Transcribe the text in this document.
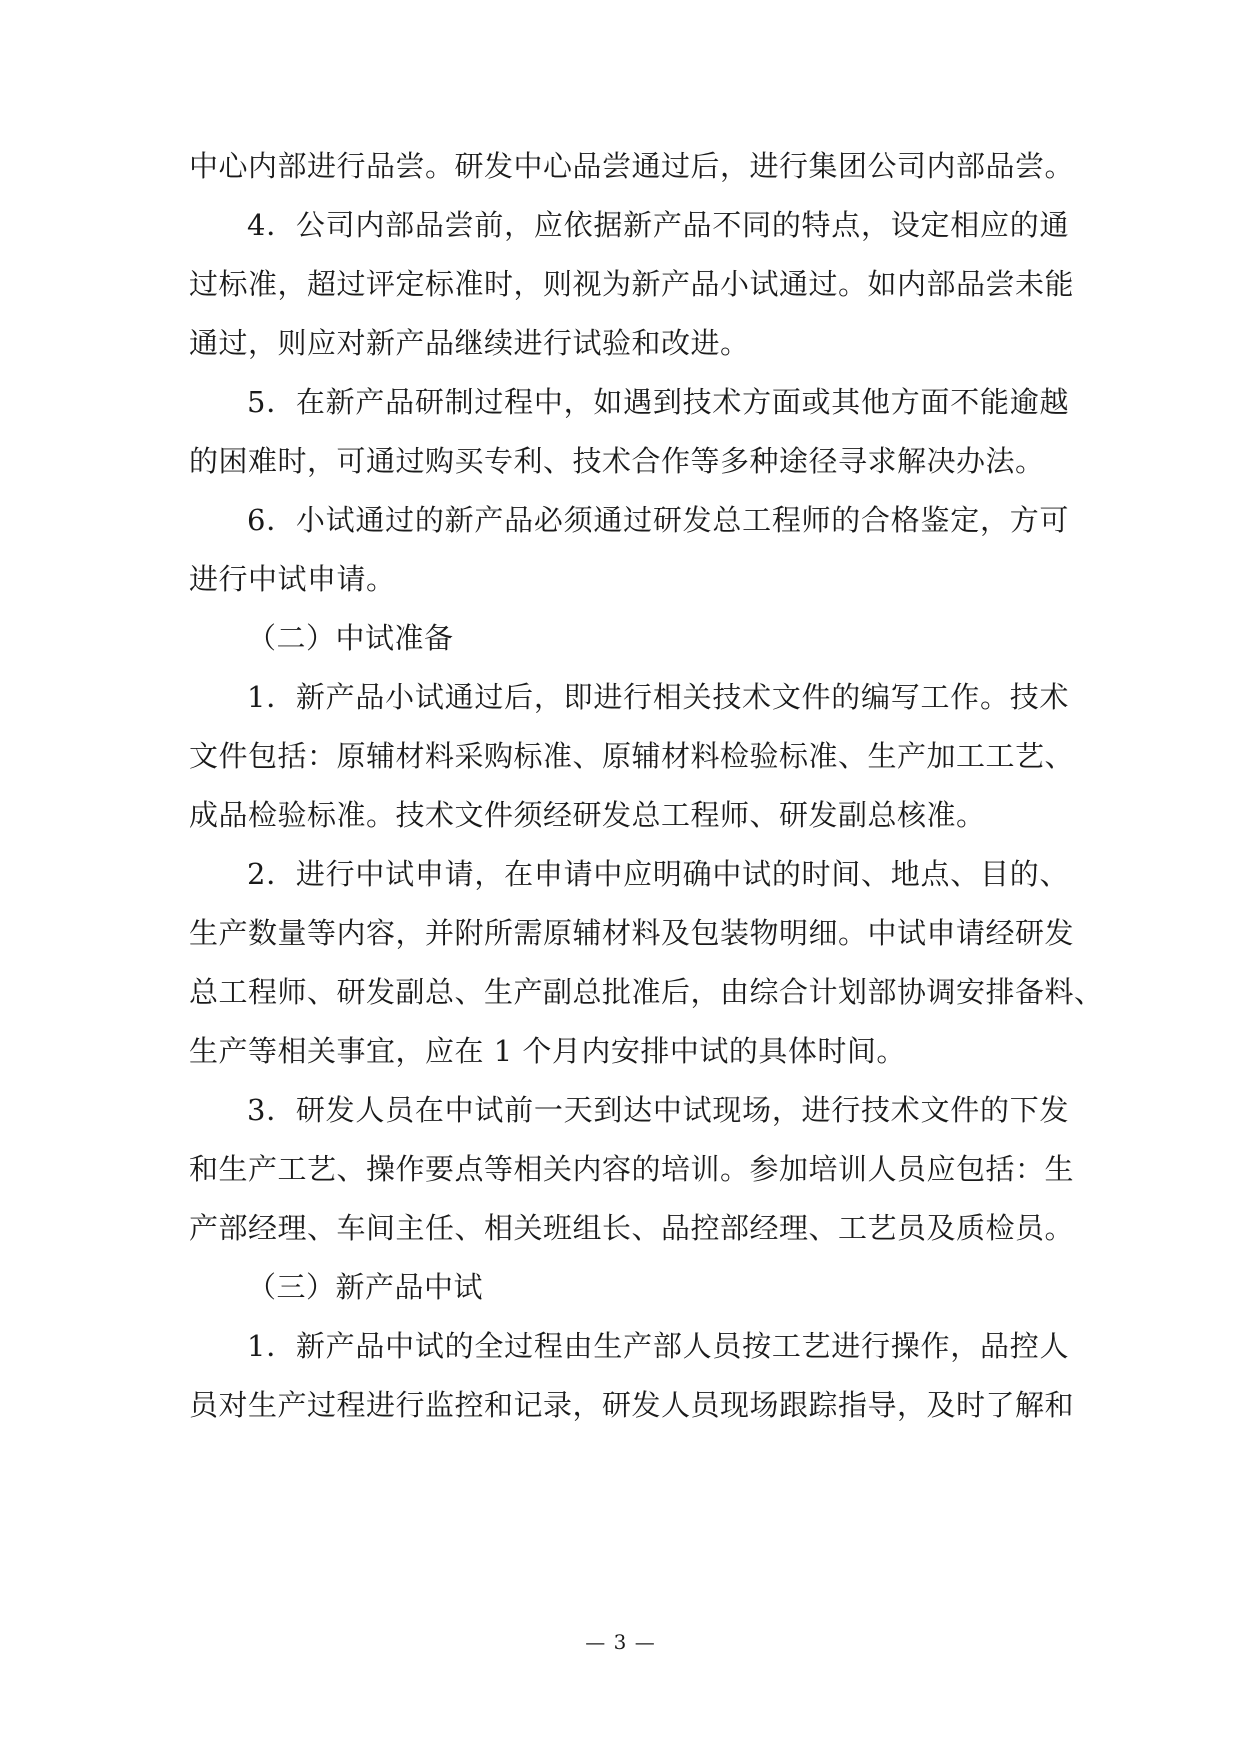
中心内部进行品尝。研发中心品尝通过后，进行集团公司内部品尝。
4．公司内部品尝前，应依据新产品不同的特点，设定相应的通
过标准，超过评定标准时，则视为新产品小试通过。如内部品尝未能
通过，则应对新产品继续进行试验和改进。
5．在新产品研制过程中，如遇到技术方面或其他方面不能逾越
的困难时，可通过购买专利、技术合作等多种途径寻求解决办法。
6．小试通过的新产品必须通过研发总工程师的合格鉴定，方可
进行中试申请。
（二）中试准备
1．新产品小试通过后，即进行相关技术文件的编写工作。技术
文件包括：原辅材料采购标准、原辅材料检验标准、生产加工工艺、
成品检验标准。技术文件须经研发总工程师、研发副总核准。
2．进行中试申请，在申请中应明确中试的时间、地点、目的、
生产数量等内容，并附所需原辅材料及包装物明细。中试申请经研发
总工程师、研发副总、生产副总批准后，由综合计划部协调安排备料、
生产等相关事宜，应在 1 个月内安排中试的具体时间。
3．研发人员在中试前一天到达中试现场，进行技术文件的下发
和生产工艺、操作要点等相关内容的培训。参加培训人员应包括：生
产部经理、车间主任、相关班组长、品控部经理、工艺员及质检员。
（三）新产品中试
1．新产品中试的全过程由生产部人员按工艺进行操作，品控人
员对生产过程进行监控和记录，研发人员现场跟踪指导，及时了解和
— 3 —
